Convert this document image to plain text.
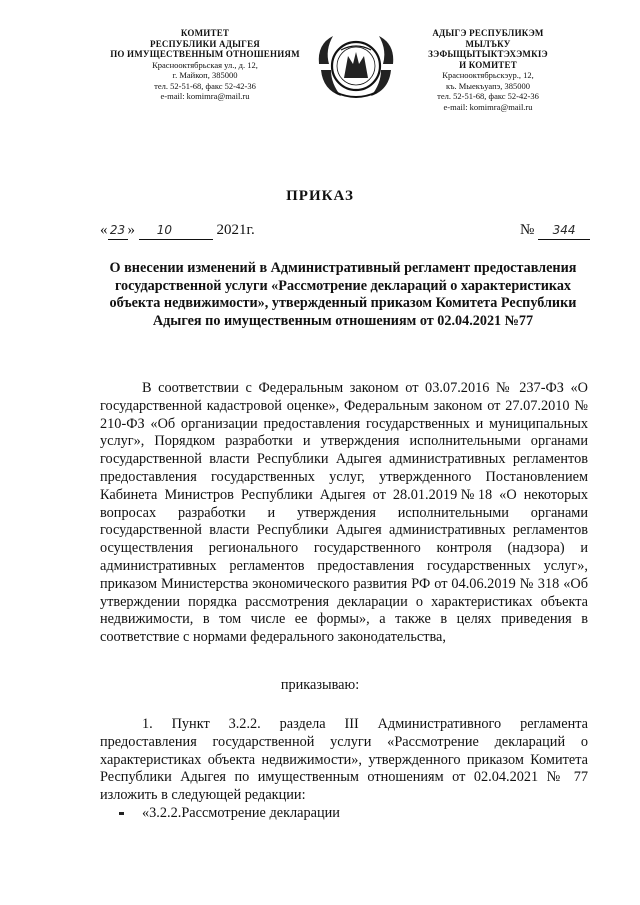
КОМИТЕТ
РЕСПУБЛИКИ АДЫГЕЯ
ПО ИМУЩЕСТВЕННЫМ ОТНОШЕНИЯМ
Краснооктябрьская ул., д. 12,
г. Майкоп, 385000
тел. 52-51-68, факс 52-42-36
e-mail: komimra@mail.ru
АДЫГЭ РЕСПУБЛИКЭМ
МЫЛЪКУ ЗЭФЫЩЫТЫКТЭХЭМКIЭ
И КОМИТЕТ
Краснооктябрьскэур., 12,
къ. Мыекъуапэ, 385000
тел. 52-51-68, факс 52-42-36
e-mail: komimra@mail.ru
ПРИКАЗ
« 23 » 10	2021г.	№ 344
О внесении изменений в Административный регламент предоставления государственной услуги «Рассмотрение деклараций о характеристиках объекта недвижимости», утвержденный приказом Комитета Республики Адыгея по имущественным отношениям от 02.04.2021 №77
В соответствии с Федеральным законом от 03.07.2016 № 237-ФЗ «О государственной кадастровой оценке», Федеральным законом от 27.07.2010 № 210-ФЗ «Об организации предоставления государственных и муниципальных услуг», Порядком разработки и утверждения исполнительными органами государственной власти Республики Адыгея административных регламентов предоставления государственных услуг, утвержденного Постановлением Кабинета Министров Республики Адыгея от 28.01.2019№18 «О некоторых вопросах разработки и утверждения исполнительными органами государственной власти Республики Адыгея административных регламентов осуществления регионального государственного контроля (надзора) и административных регламентов предоставления государственных услуг», приказом Министерства экономического развития РФ от 04.06.2019 № 318 «Об утверждении порядка рассмотрения декларации о характеристиках объекта недвижимости, в том числе ее формы», а также в целях приведения в соответствие с нормами федерального законодательства,
приказываю:
1. Пункт 3.2.2. раздела III Административного регламента предоставления государственной услуги «Рассмотрение деклараций о характеристиках объекта недвижимости», утвержденного приказом Комитета Республики Адыгея по имущественным отношениям от 02.04.2021 № 77 изложить в следующей редакции:
«3.2.2.Рассмотрение декларации
